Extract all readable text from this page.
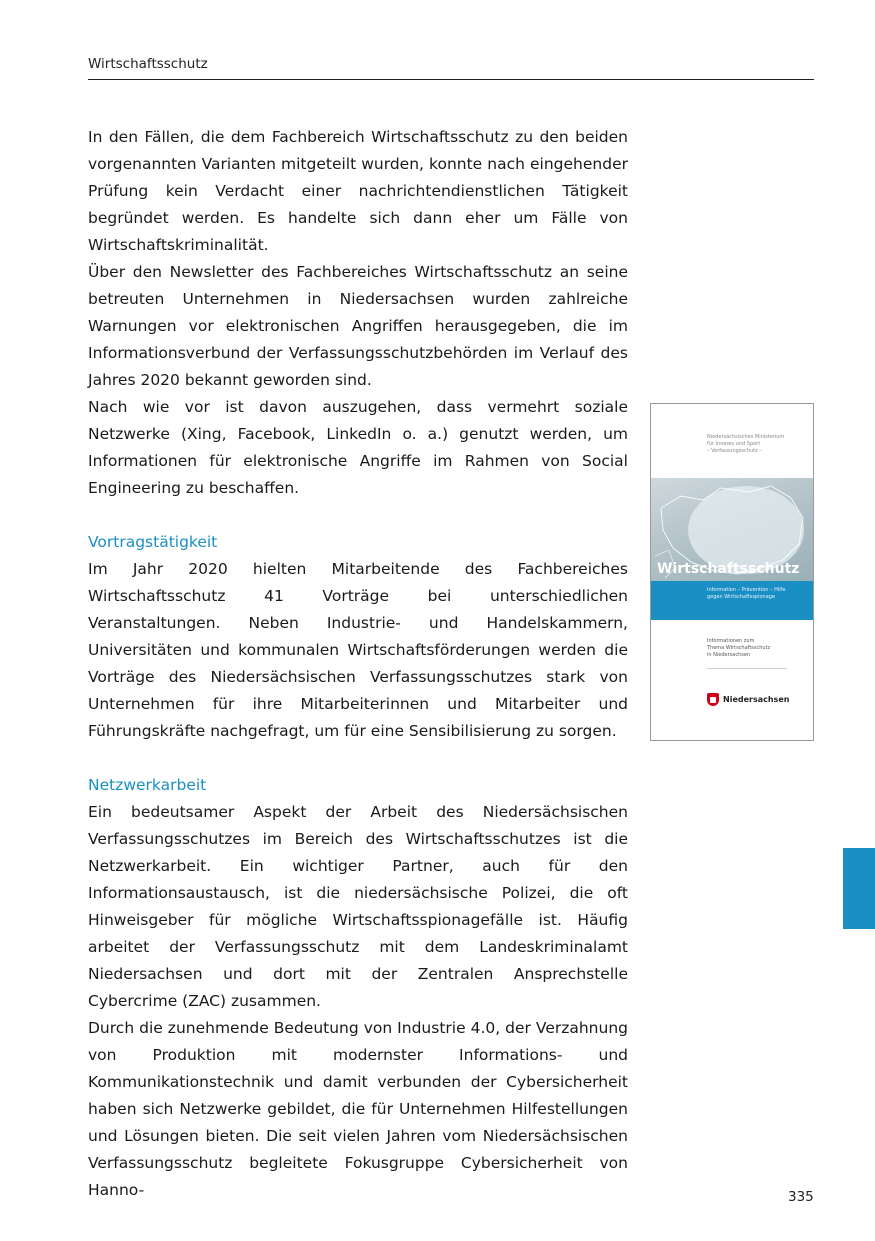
Wirtschaftsschutz

In den Fällen, die dem Fachbereich Wirtschaftsschutz zu den beiden vorgenannten Varianten mitgeteilt wurden, konnte nach eingehender Prüfung kein Verdacht einer nachrichtendienstlichen Tätigkeit begründet werden. Es handelte sich dann eher um Fälle von Wirtschaftskriminalität.

Über den Newsletter des Fachbereiches Wirtschaftsschutz an seine betreuten Unternehmen in Niedersachsen wurden zahlreiche Warnungen vor elektronischen Angriffen herausgegeben, die im Informationsverbund der Verfassungsschutzbehörden im Verlauf des Jahres 2020 bekannt geworden sind.

Nach wie vor ist davon auszugehen, dass vermehrt soziale Netzwerke (Xing, Facebook, LinkedIn o. a.) genutzt werden, um Informationen für elektronische Angriffe im Rahmen von Social Engineering zu beschaffen.

Vortragstätigkeit

Im Jahr 2020 hielten Mitarbeitende des Fachbereiches Wirtschaftsschutz 41 Vorträge bei unterschiedlichen Veranstaltungen. Neben Industrie- und Handelskammern, Universitäten und kommunalen Wirtschaftsförderungen werden die Vorträge des Niedersächsischen Verfassungsschutzes stark von Unternehmen für ihre Mitarbeiterinnen und Mitarbeiter und Führungskräfte nachgefragt, um für eine Sensibilisierung zu sorgen.

Netzwerkarbeit

Ein bedeutsamer Aspekt der Arbeit des Niedersächsischen Verfassungsschutzes im Bereich des Wirtschaftsschutzes ist die Netzwerkarbeit. Ein wichtiger Partner, auch für den Informationsaustausch, ist die niedersächsische Polizei, die oft Hinweisgeber für mögliche Wirtschaftsspionagefälle ist. Häufig arbeitet der Verfassungsschutz mit dem Landeskriminalamt Niedersachsen und dort mit der Zentralen Ansprechstelle Cybercrime (ZAC) zusammen.

Durch die zunehmende Bedeutung von Industrie 4.0, der Verzahnung von Produktion mit modernster Informations- und Kommunikationstechnik und damit verbunden der Cybersicherheit haben sich Netzwerke gebildet, die für Unternehmen Hilfestellungen und Lösungen bieten. Die seit vielen Jahren vom Niedersächsischen Verfassungsschutz begleitete Fokusgruppe Cybersicherheit von Hanno-

Niedersächsisches Ministerium
für Inneres und Sport
– Verfassungsschutz –
Wirtschaftsschutz
Information – Prävention – Hilfe
gegen Wirtschaftsspionage
Informationen zum
Thema Wirtschaftsschutz
in Niedersachsen
Niedersachsen
335
